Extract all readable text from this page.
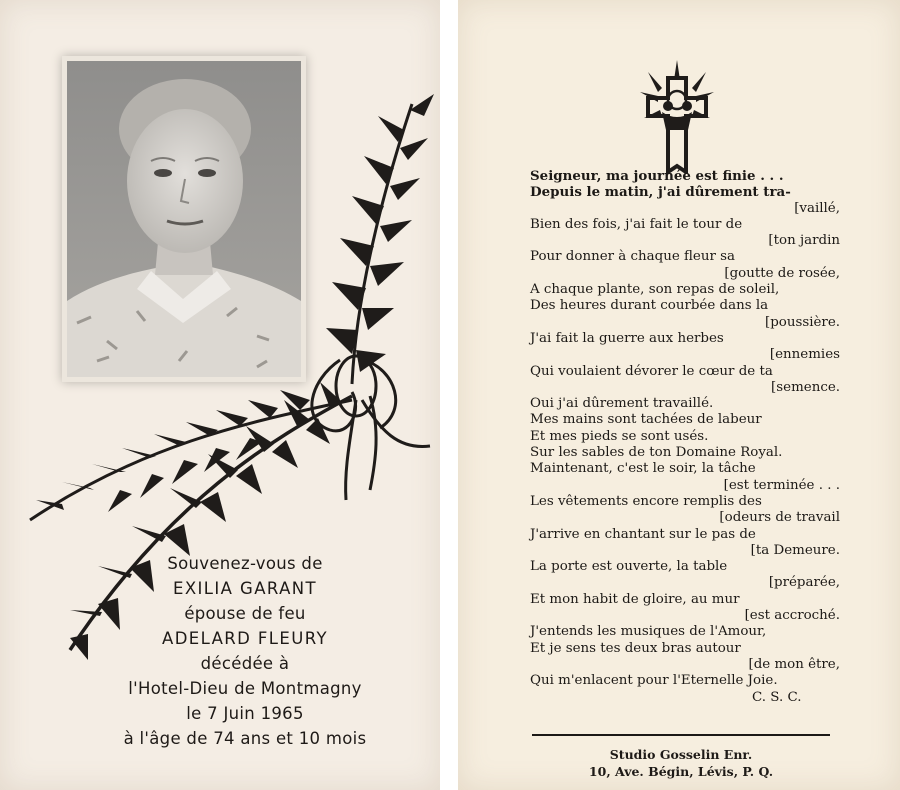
Souvenez-vous de
EXILIA GARANT
épouse de feu
ADELARD FLEURY
décédée à
l'Hotel-Dieu de Montmagny
le 7 Juin 1965
à l'âge de 74 ans et 10 mois
Seigneur, ma journée est finie . . .
Depuis le matin, j'ai dûrement tra-
[vaillé,
Bien des fois, j'ai fait le tour de
[ton jardin
Pour donner à chaque fleur sa
[goutte de rosée,
A chaque plante, son repas de soleil,
Des heures durant courbée dans la
[poussière.
J'ai fait la guerre aux herbes
[ennemies
Qui voulaient dévorer le cœur de ta
[semence.
Oui j'ai dûrement travaillé.
Mes mains sont tachées de labeur
Et mes pieds se sont usés.
Sur les sables de ton Domaine Royal.
Maintenant, c'est le soir, la tâche
[est terminée . . .
Les vêtements encore remplis des
[odeurs de travail
J'arrive en chantant sur le pas de
[ta Demeure.
La porte est ouverte, la table
[préparée,
Et mon habit de gloire, au mur
[est accroché.
J'entends les musiques de l'Amour,
Et je sens tes deux bras autour
[de mon être,
Qui m'enlacent pour l'Eternelle Joie.
C. S. C.
Studio Gosselin Enr.
10, Ave. Bégin, Lévis, P. Q.
